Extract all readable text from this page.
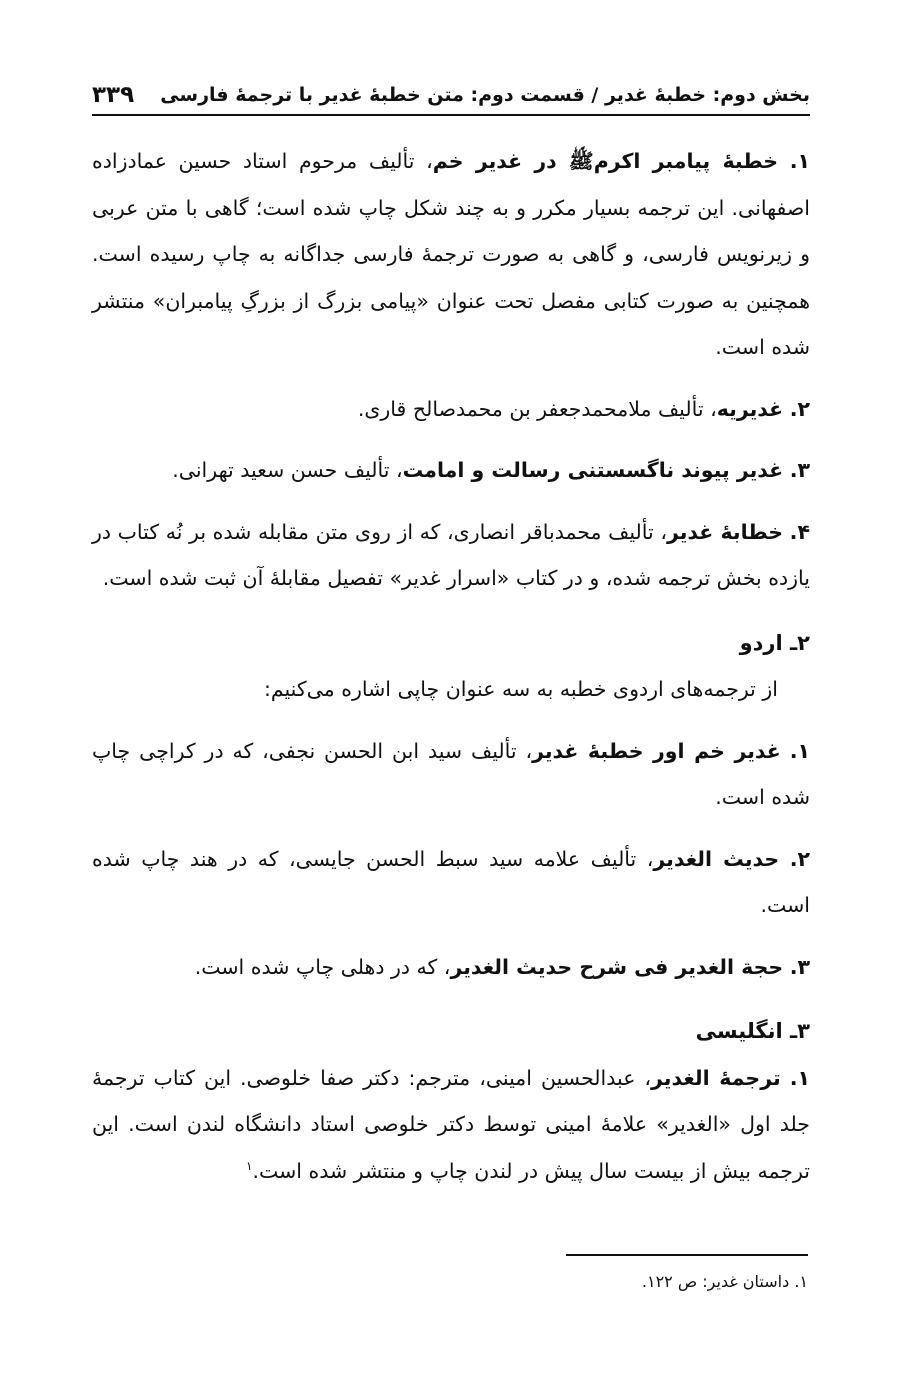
بخش دوم: خطبۀ غدیر / قسمت دوم: متن خطبۀ غدیر با ترجمۀ فارسی
۳۳۹

۱. خطبۀ پیامبر اکرمﷺ در غدیر خم، تألیف مرحوم استاد حسین عمادزاده اصفهانی. این ترجمه بسیار مکرر و به چند شکل چاپ شده است؛ گاهی با متن عربی و زیرنویس فارسی، و گاهی به صورت ترجمۀ فارسی جداگانه به چاپ رسیده است. همچنین به صورت کتابی مفصل تحت عنوان «پیامی بزرگ از بزرگِ پیامبران» منتشر شده است.

۲. غدیریه، تألیف ملامحمدجعفر بن محمدصالح قاری.

۳. غدیر پیوند ناگسستنی رسالت و امامت، تألیف حسن سعید تهرانی.

۴. خطابۀ غدیر، تألیف محمدباقر انصاری، که از روی متن مقابله شده بر نُه کتاب در یازده بخش ترجمه شده، و در کتاب «اسرار غدیر» تفصیل مقابلۀ آن ثبت شده است.

۲ـ اردو

از ترجمه‌های اردوی خطبه به سه عنوان چاپی اشاره می‌کنیم:

۱. غدیر خم اور خطبۀ غدیر، تألیف سید ابن الحسن نجفی، که در کراچی چاپ شده است.

۲. حدیث الغدیر، تألیف علامه سید سبط الحسن جایسی، که در هند چاپ شده است.

۳. حجة الغدیر فی شرح حدیث الغدیر، که در دهلی چاپ شده است.

۳ـ انگلیسی

۱. ترجمۀ الغدیر، عبدالحسین امینی، مترجم: دکتر صفا خلوصی. این کتاب ترجمۀ جلد اول «الغدیر» علامۀ امینی توسط دکتر خلوصی استاد دانشگاه لندن است. این ترجمه بیش از بیست سال پیش در لندن چاپ و منتشر شده است.$^۱$

۱. داستان غدیر: ص ۱۲۲.
